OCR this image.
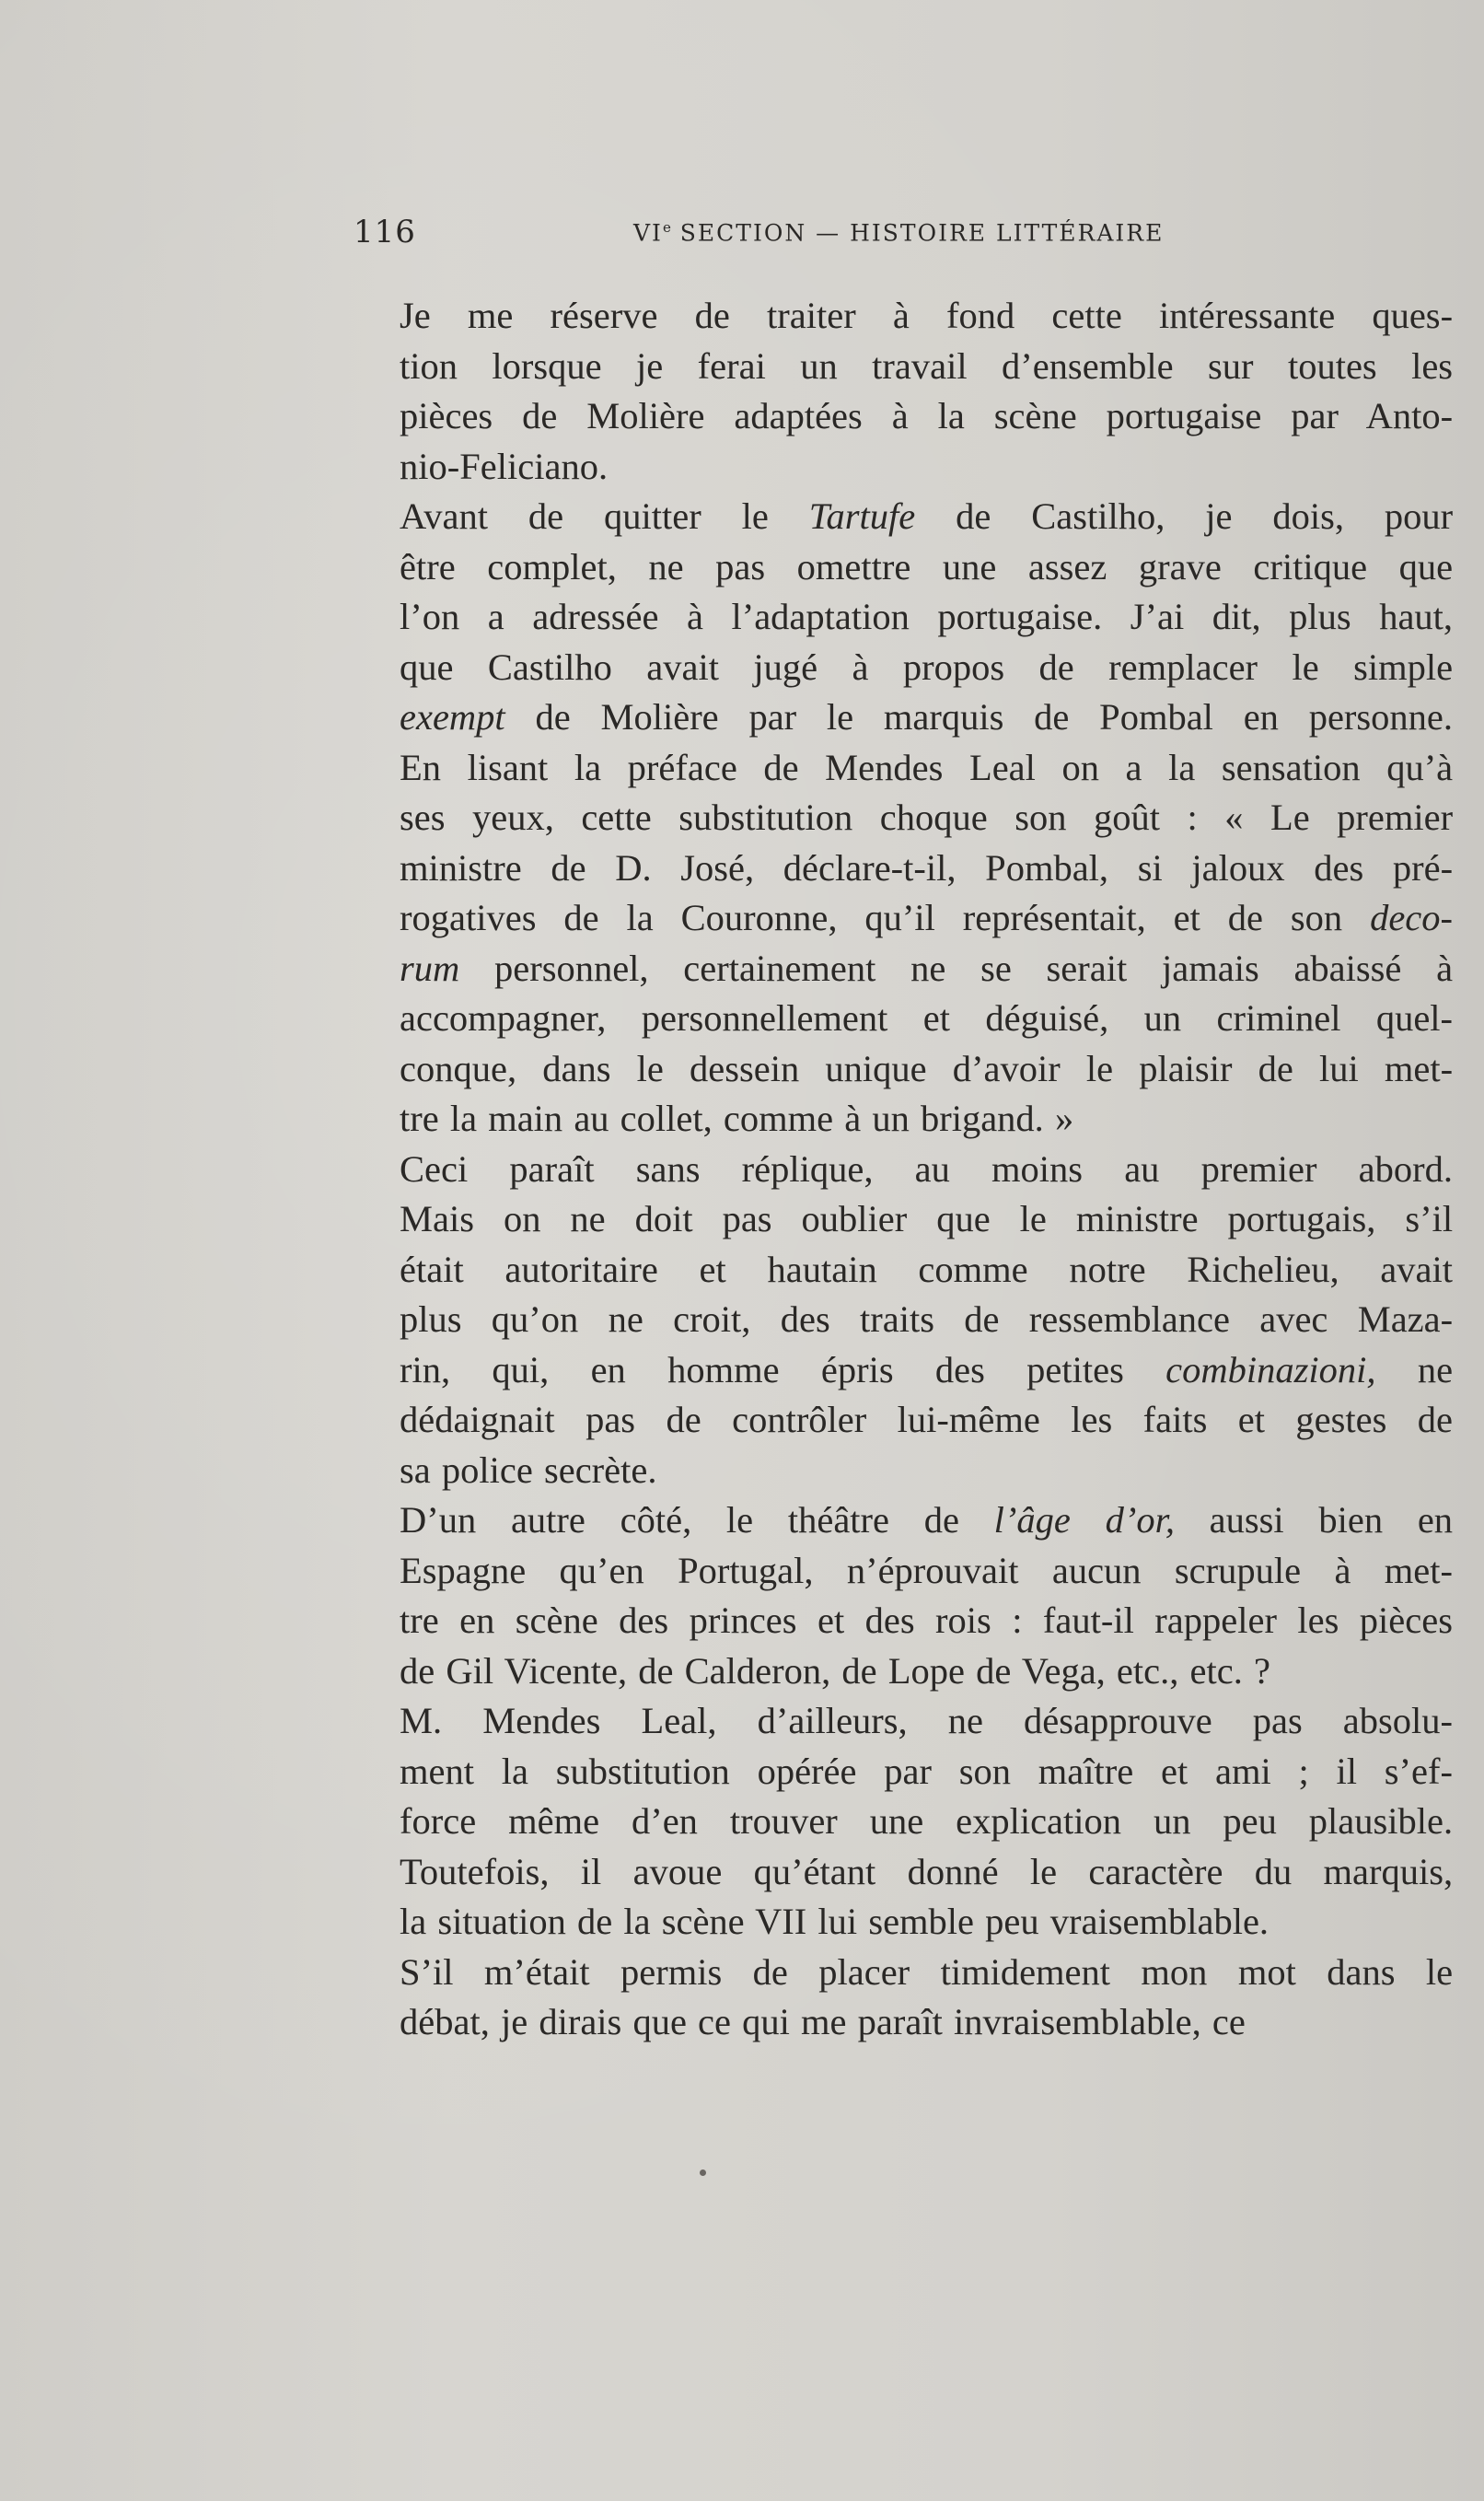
116	VIe SECTION — HISTOIRE LITTÉRAIRE
Je me réserve de traiter à fond cette intéressante ques-
tion lorsque je ferai un travail d’ensemble sur toutes les
pièces de Molière adaptées à la scène portugaise par Anto-
nio-Feliciano.
Avant de quitter le Tartufe de Castilho, je dois, pour
être complet, ne pas omettre une assez grave critique que
l’on a adressée à l’adaptation portugaise. J’ai dit, plus haut,
que Castilho avait jugé à propos de remplacer le simple
exempt de Molière par le marquis de Pombal en personne.
En lisant la préface de Mendes Leal on a la sensation qu’à
ses yeux, cette substitution choque son goût : « Le premier
ministre de D. José, déclare-t-il, Pombal, si jaloux des pré-
rogatives de la Couronne, qu’il représentait, et de son deco-
rum personnel, certainement ne se serait jamais abaissé à
accompagner, personnellement et déguisé, un criminel quel-
conque, dans le dessein unique d’avoir le plaisir de lui met-
tre la main au collet, comme à un brigand. »
Ceci paraît sans réplique, au moins au premier abord.
Mais on ne doit pas oublier que le ministre portugais, s’il
était autoritaire et hautain comme notre Richelieu, avait
plus qu’on ne croit, des traits de ressemblance avec Maza-
rin, qui, en homme épris des petites combinazioni, ne
dédaignait pas de contrôler lui-même les faits et gestes de
sa police secrète.
D’un autre côté, le théâtre de l’âge d’or, aussi bien en
Espagne qu’en Portugal, n’éprouvait aucun scrupule à met-
tre en scène des princes et des rois : faut-il rappeler les pièces
de Gil Vicente, de Calderon, de Lope de Vega, etc., etc. ?
M. Mendes Leal, d’ailleurs, ne désapprouve pas absolu-
ment la substitution opérée par son maître et ami ; il s’ef-
force même d’en trouver une explication un peu plausible.
Toutefois, il avoue qu’étant donné le caractère du marquis,
la situation de la scène VII lui semble peu vraisemblable.
S’il m’était permis de placer timidement mon mot dans le
débat, je dirais que ce qui me paraît invraisemblable, ce
